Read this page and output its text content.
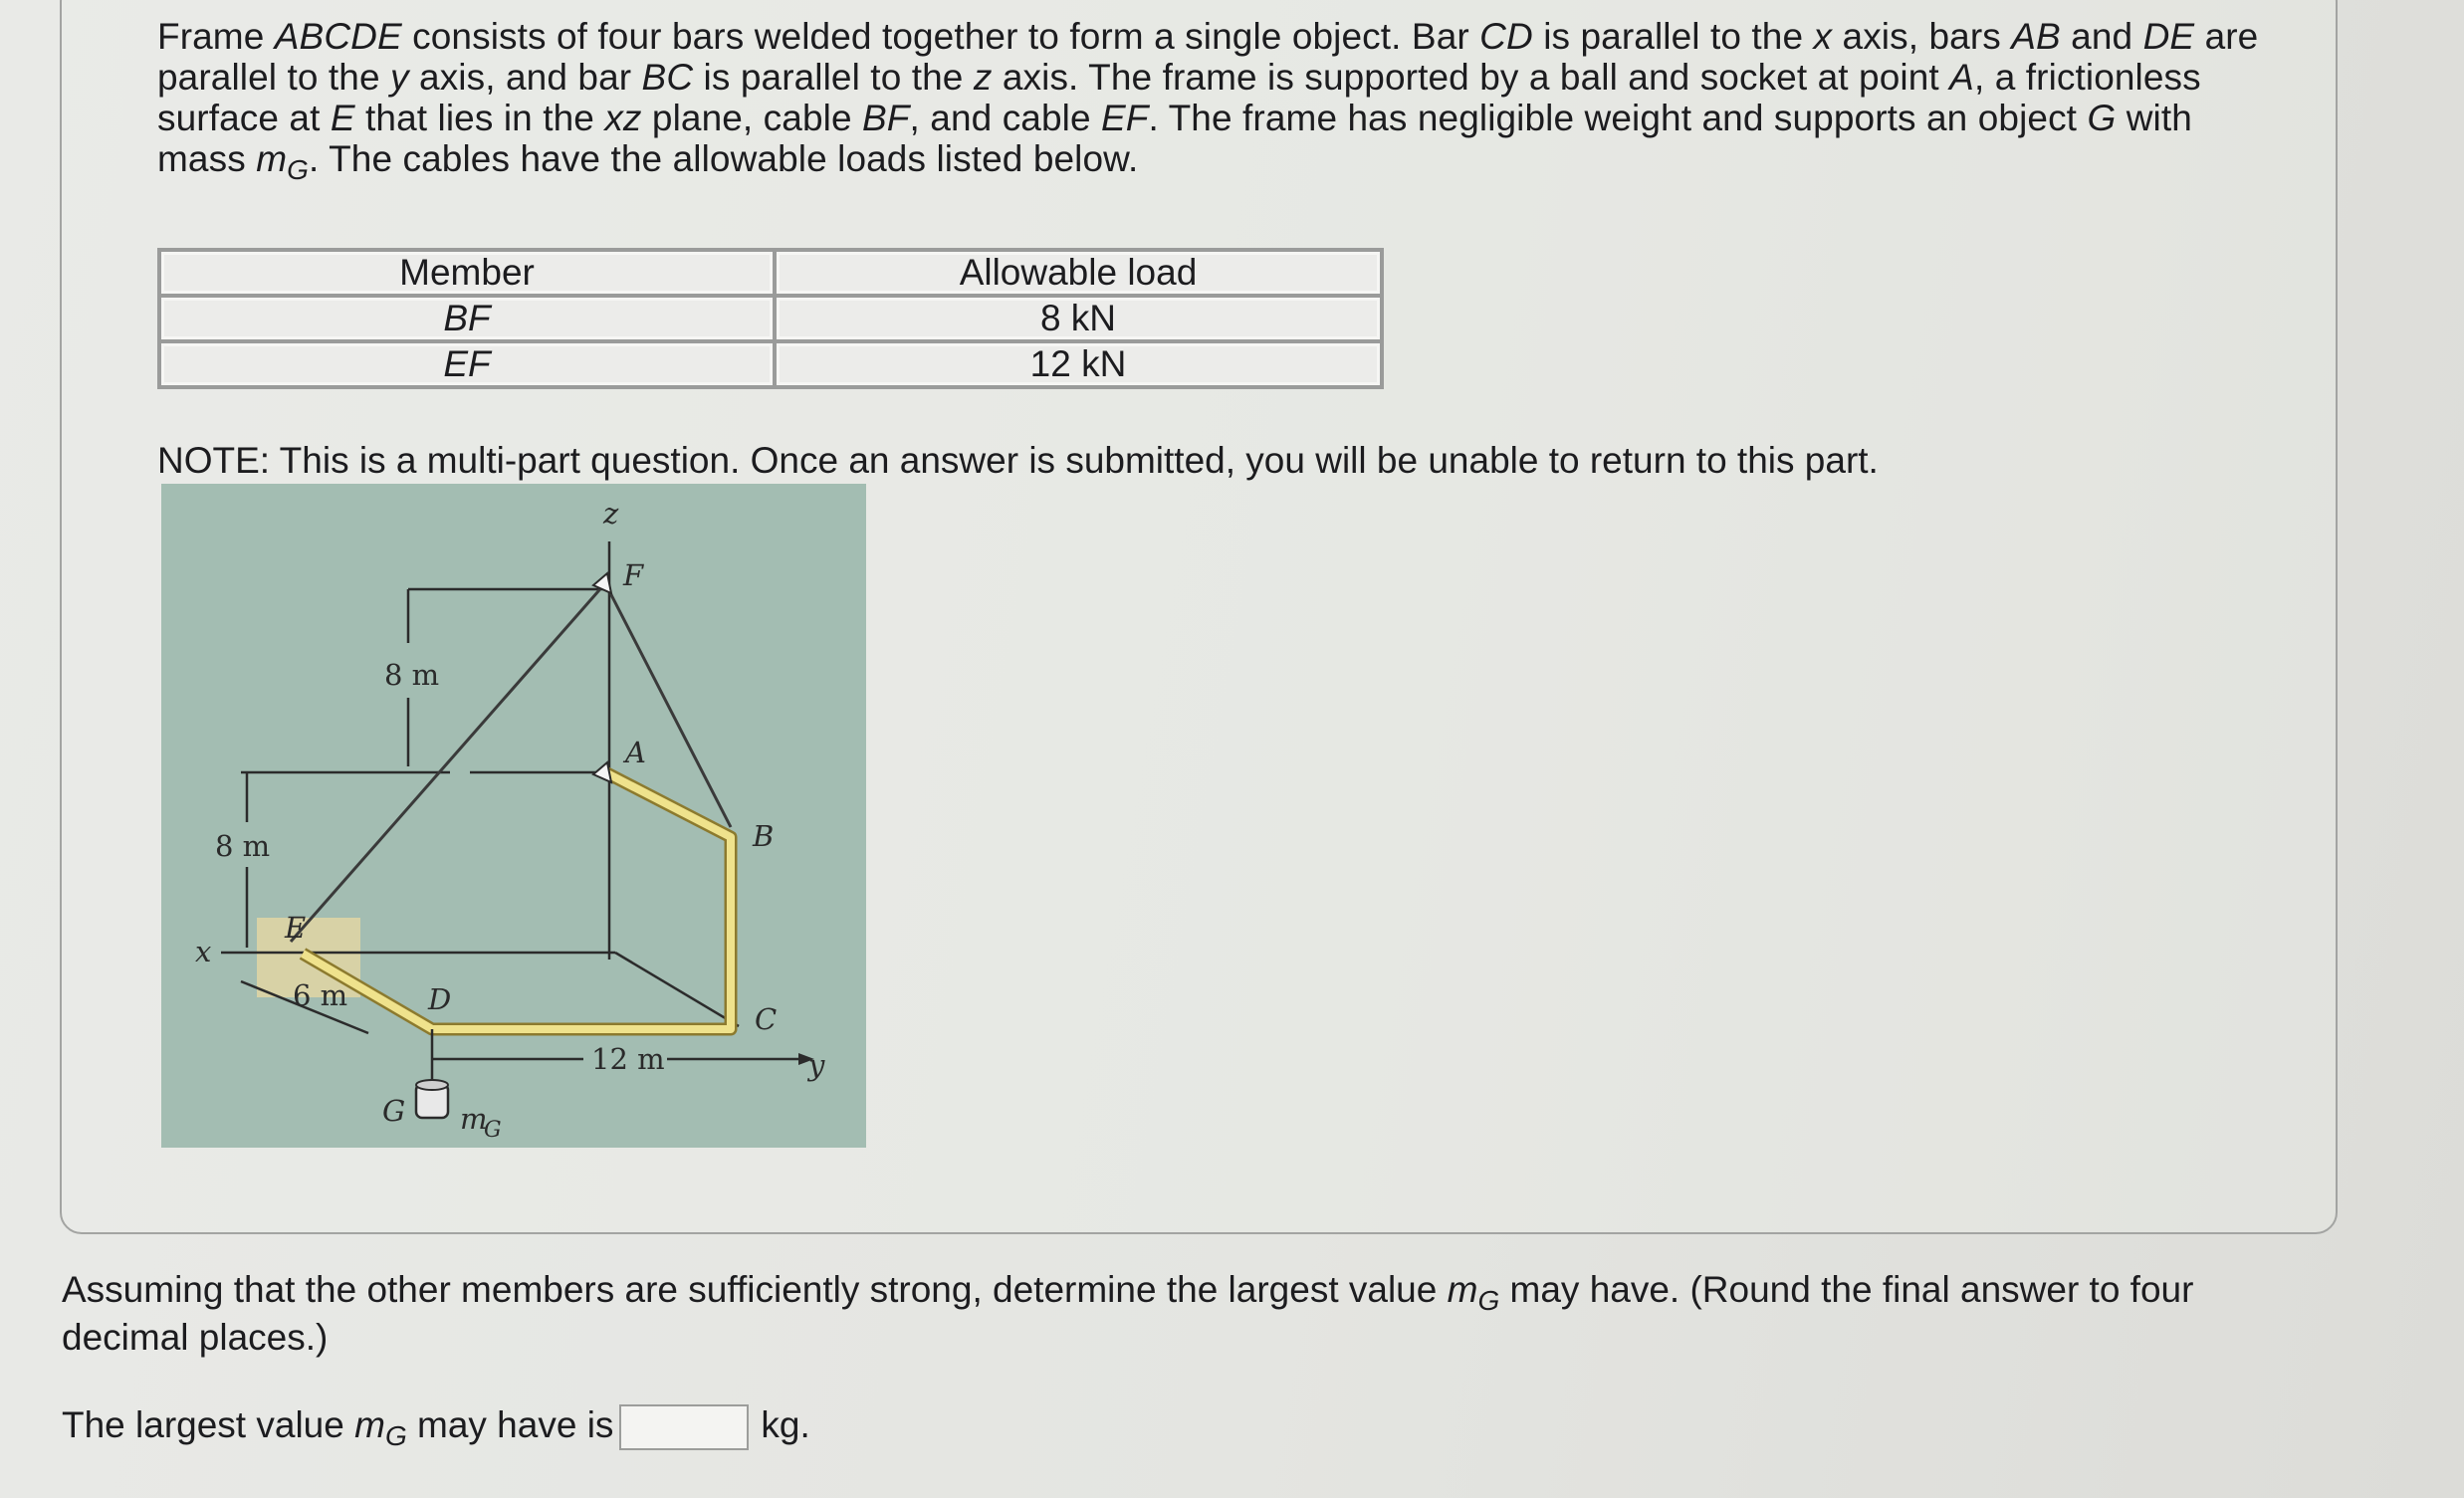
Frame ABCDE consists of four bars welded together to form a single object. Bar CD is parallel to the x axis, bars AB and DE are parallel to the y axis, and bar BC is parallel to the z axis. The frame is supported by a ball and socket at point A, a frictionless surface at E that lies in the xz plane, cable BF, and cable EF. The frame has negligible weight and supports an object G with mass $m_G$. The cables have the allowable loads listed below.

Member	Allowable load
BF	8 kN
EF	12 kN

NOTE: This is a multi-part question. Once an answer is submitted, you will be unable to return to this part.

z
F
A
B
C
D
E
G
x
y
m
G
8 m
8 m
6 m
12 m

Assuming that the other members are sufficiently strong, determine the largest value $m_G$ may have. (Round the final answer to four decimal places.)

The largest value $m_G$ may have is	kg.
